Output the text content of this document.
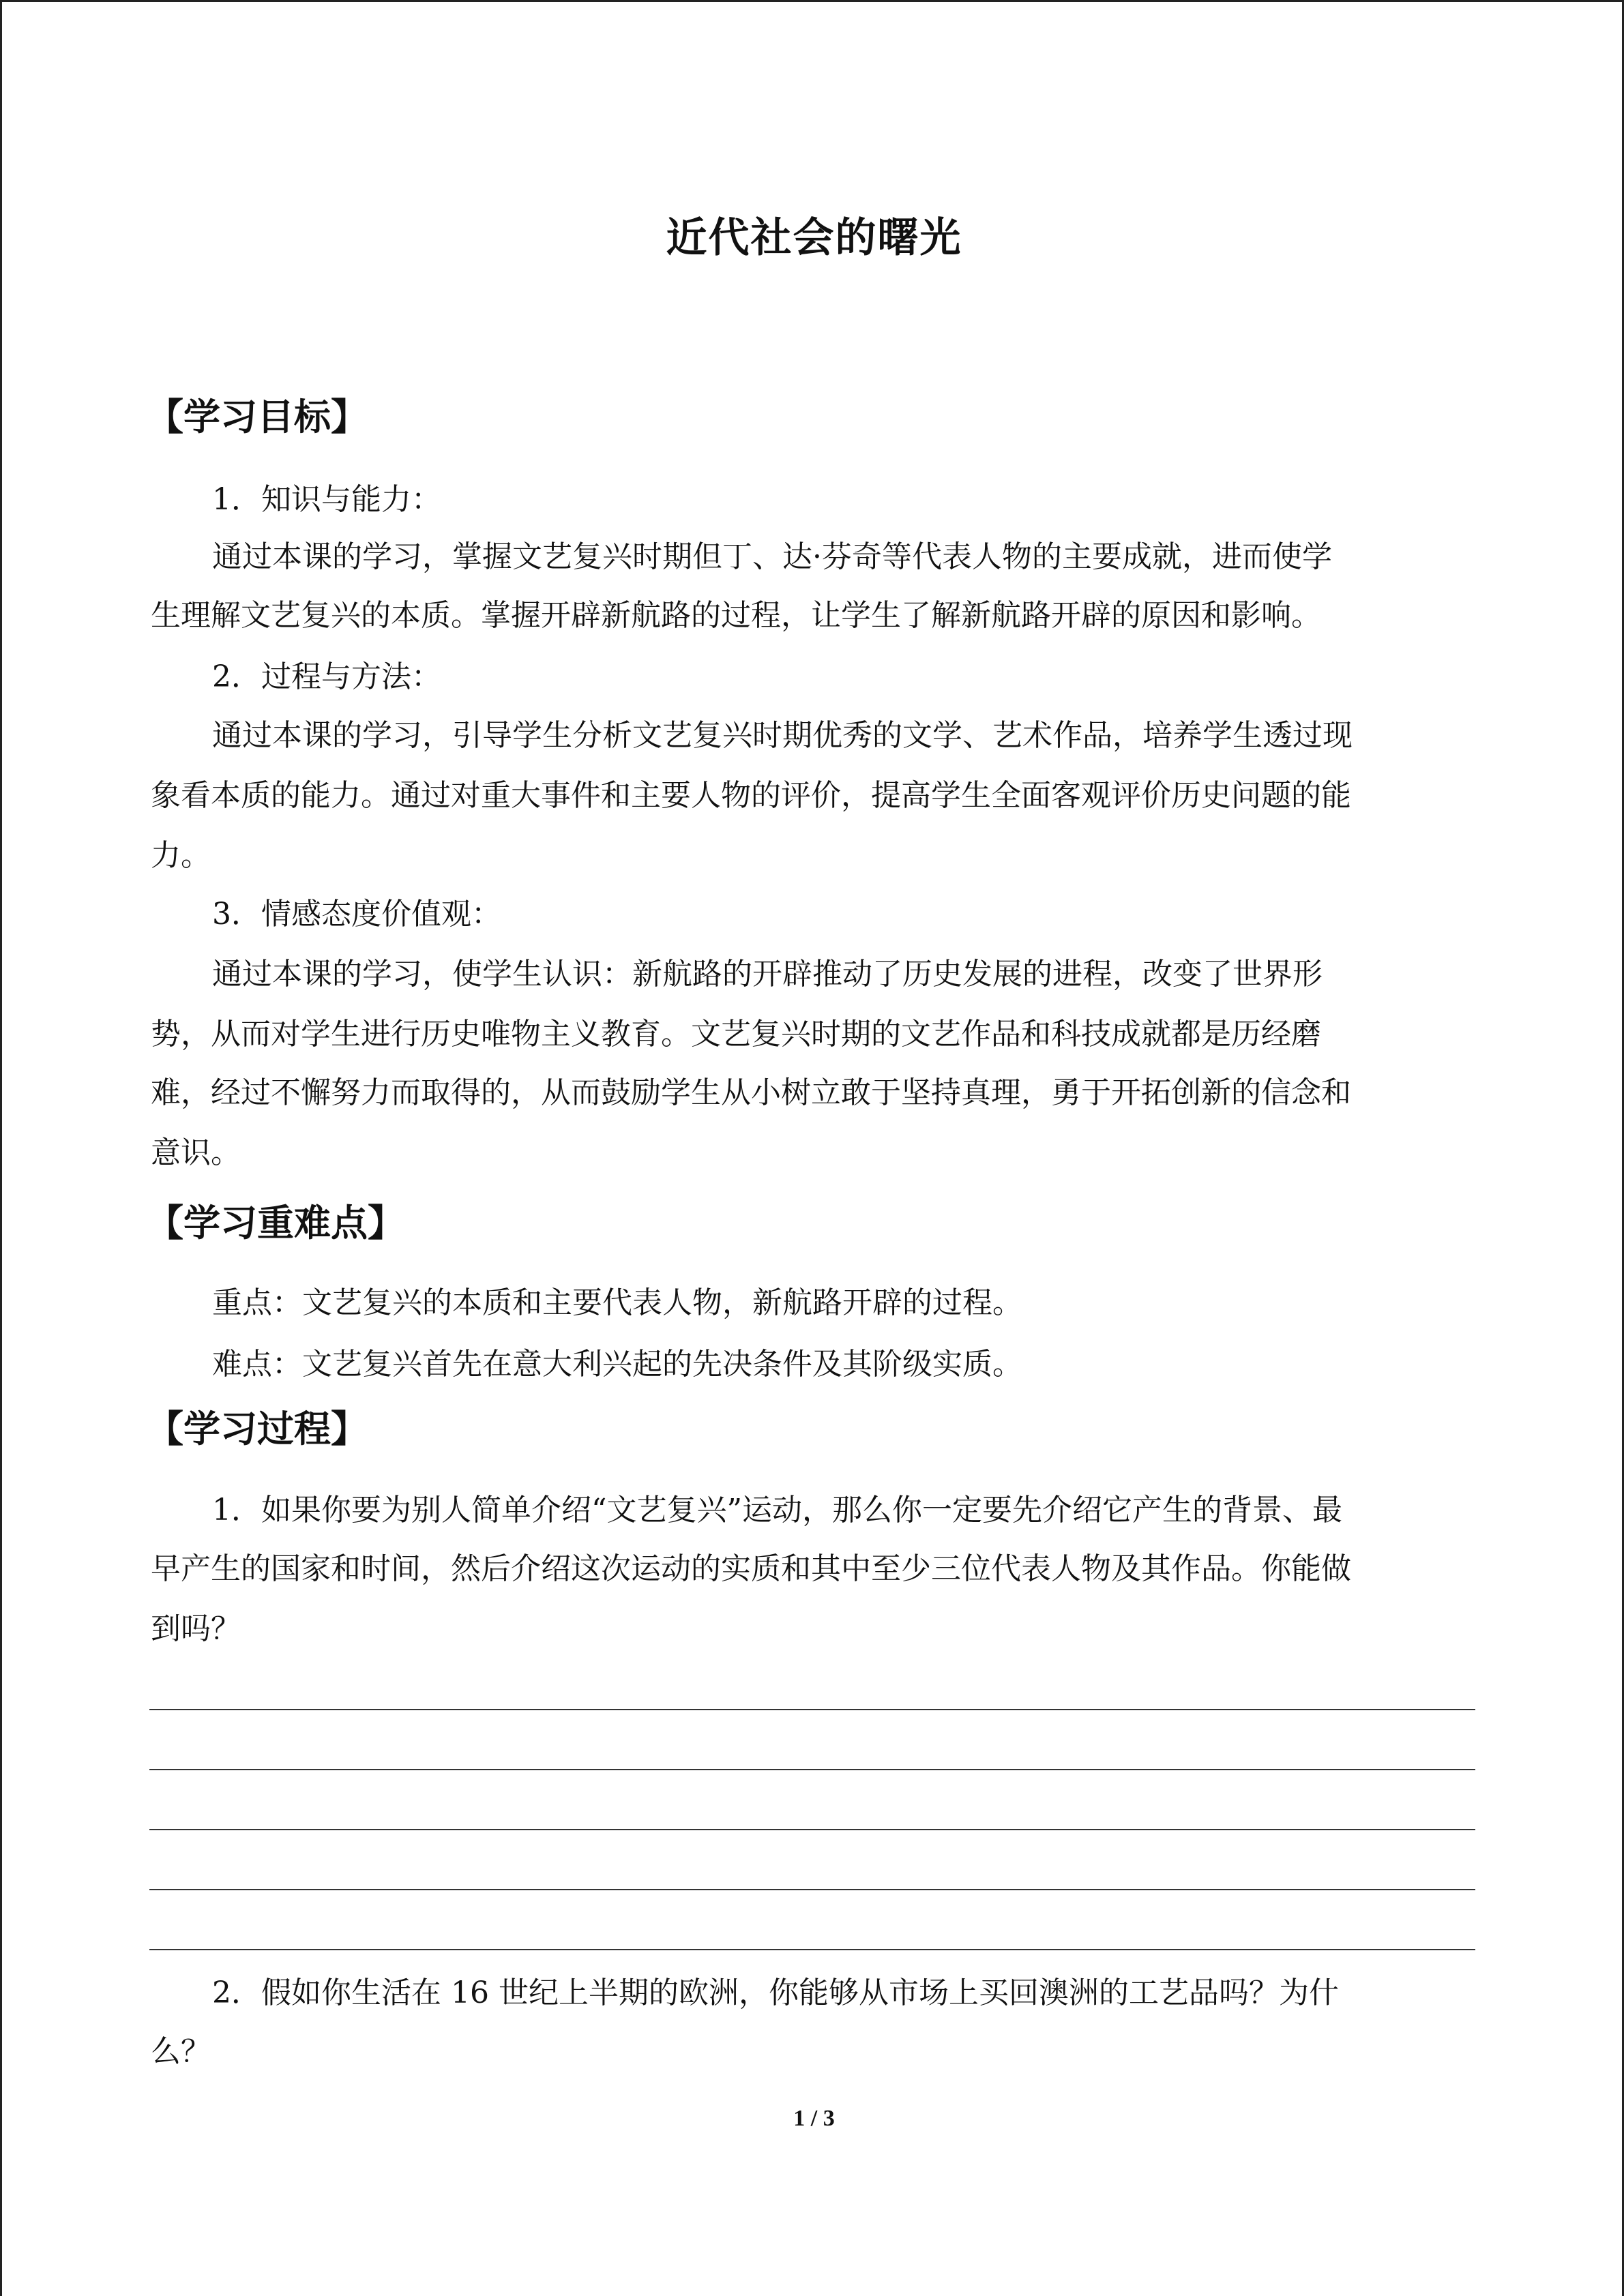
近代社会的曙光
【学习目标】
1．知识与能力：
通过本课的学习，掌握文艺复兴时期但丁、达·芬奇等代表人物的主要成就，进而使学
生理解文艺复兴的本质。掌握开辟新航路的过程，让学生了解新航路开辟的原因和影响。
2．过程与方法：
通过本课的学习，引导学生分析文艺复兴时期优秀的文学、艺术作品，培养学生透过现
象看本质的能力。通过对重大事件和主要人物的评价，提高学生全面客观评价历史问题的能
力。
3．情感态度价值观：
通过本课的学习，使学生认识：新航路的开辟推动了历史发展的进程，改变了世界形
势，从而对学生进行历史唯物主义教育。文艺复兴时期的文艺作品和科技成就都是历经磨
难，经过不懈努力而取得的，从而鼓励学生从小树立敢于坚持真理，勇于开拓创新的信念和
意识。
【学习重难点】
重点：文艺复兴的本质和主要代表人物，新航路开辟的过程。
难点：文艺复兴首先在意大利兴起的先决条件及其阶级实质。
【学习过程】
1．如果你要为别人简单介绍“文艺复兴”运动，那么你一定要先介绍它产生的背景、最
早产生的国家和时间，然后介绍这次运动的实质和其中至少三位代表人物及其作品。你能做
到吗？
2．假如你生活在 16 世纪上半期的欧洲，你能够从市场上买回澳洲的工艺品吗？为什
么？
1 / 3
